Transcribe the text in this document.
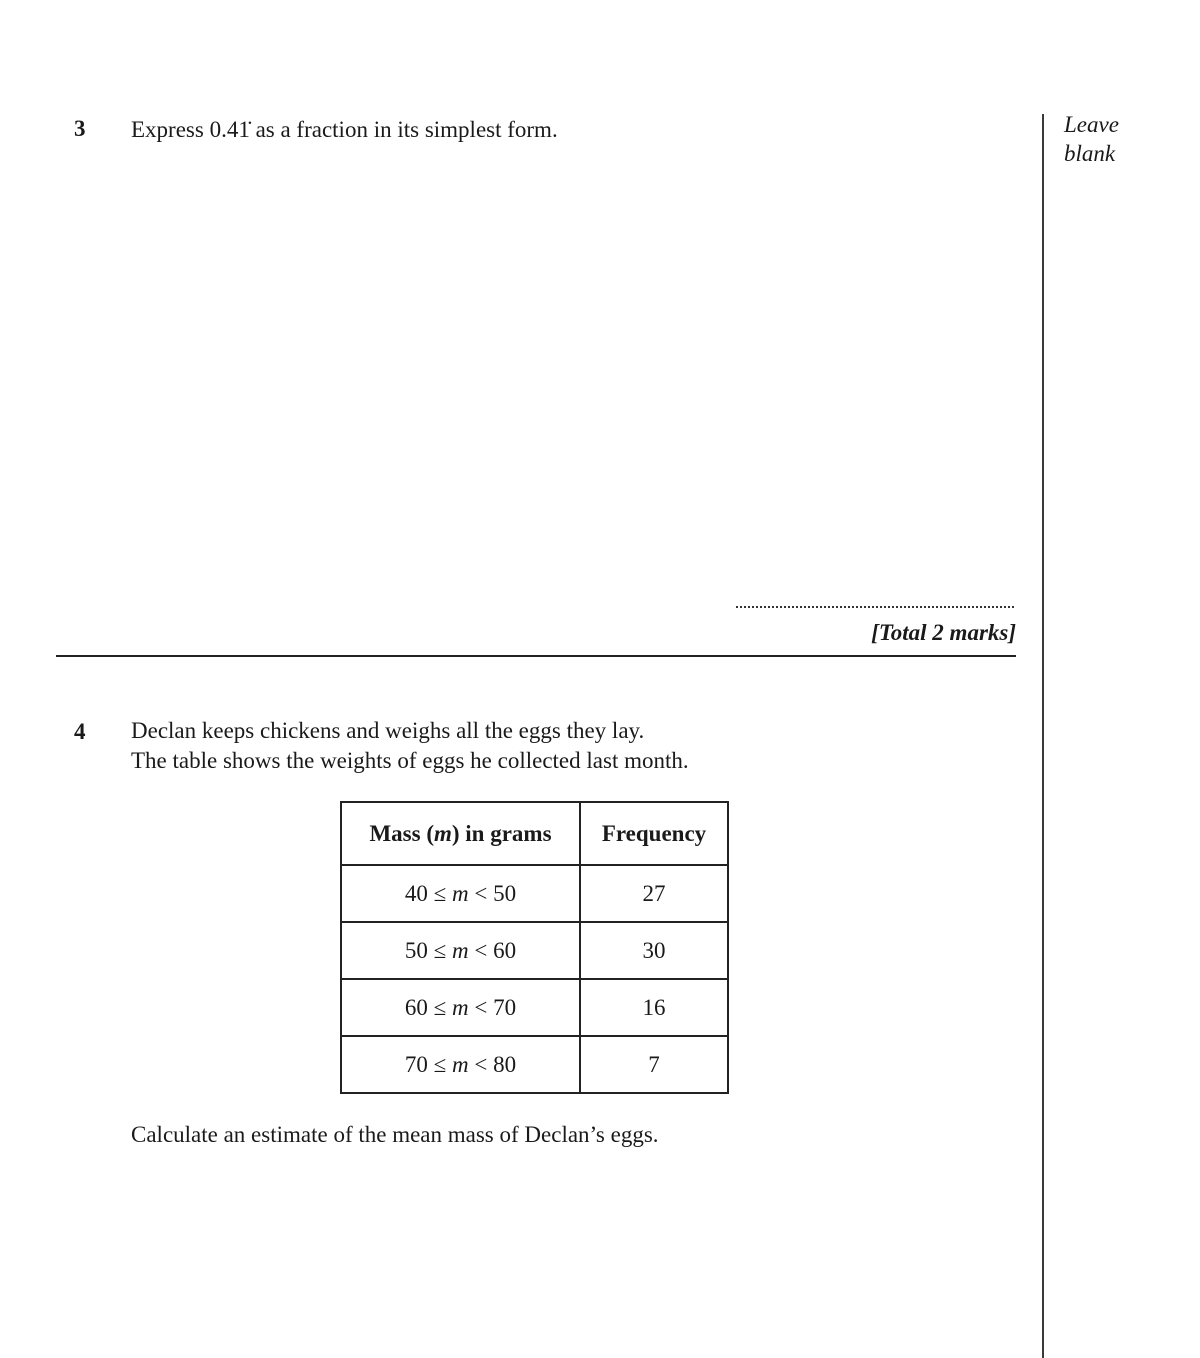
Leave
blank
3 Express 0.41̇ as a fraction in its simplest form.
[Total 2 marks]
4 Declan keeps chickens and weighs all the eggs they lay.
The table shows the weights of eggs he collected last month.
Mass (m) in grams	Frequency
40 ≤ m < 50	27
50 ≤ m < 60	30
60 ≤ m < 70	16
70 ≤ m < 80	7
Calculate an estimate of the mean mass of Declan’s eggs.
